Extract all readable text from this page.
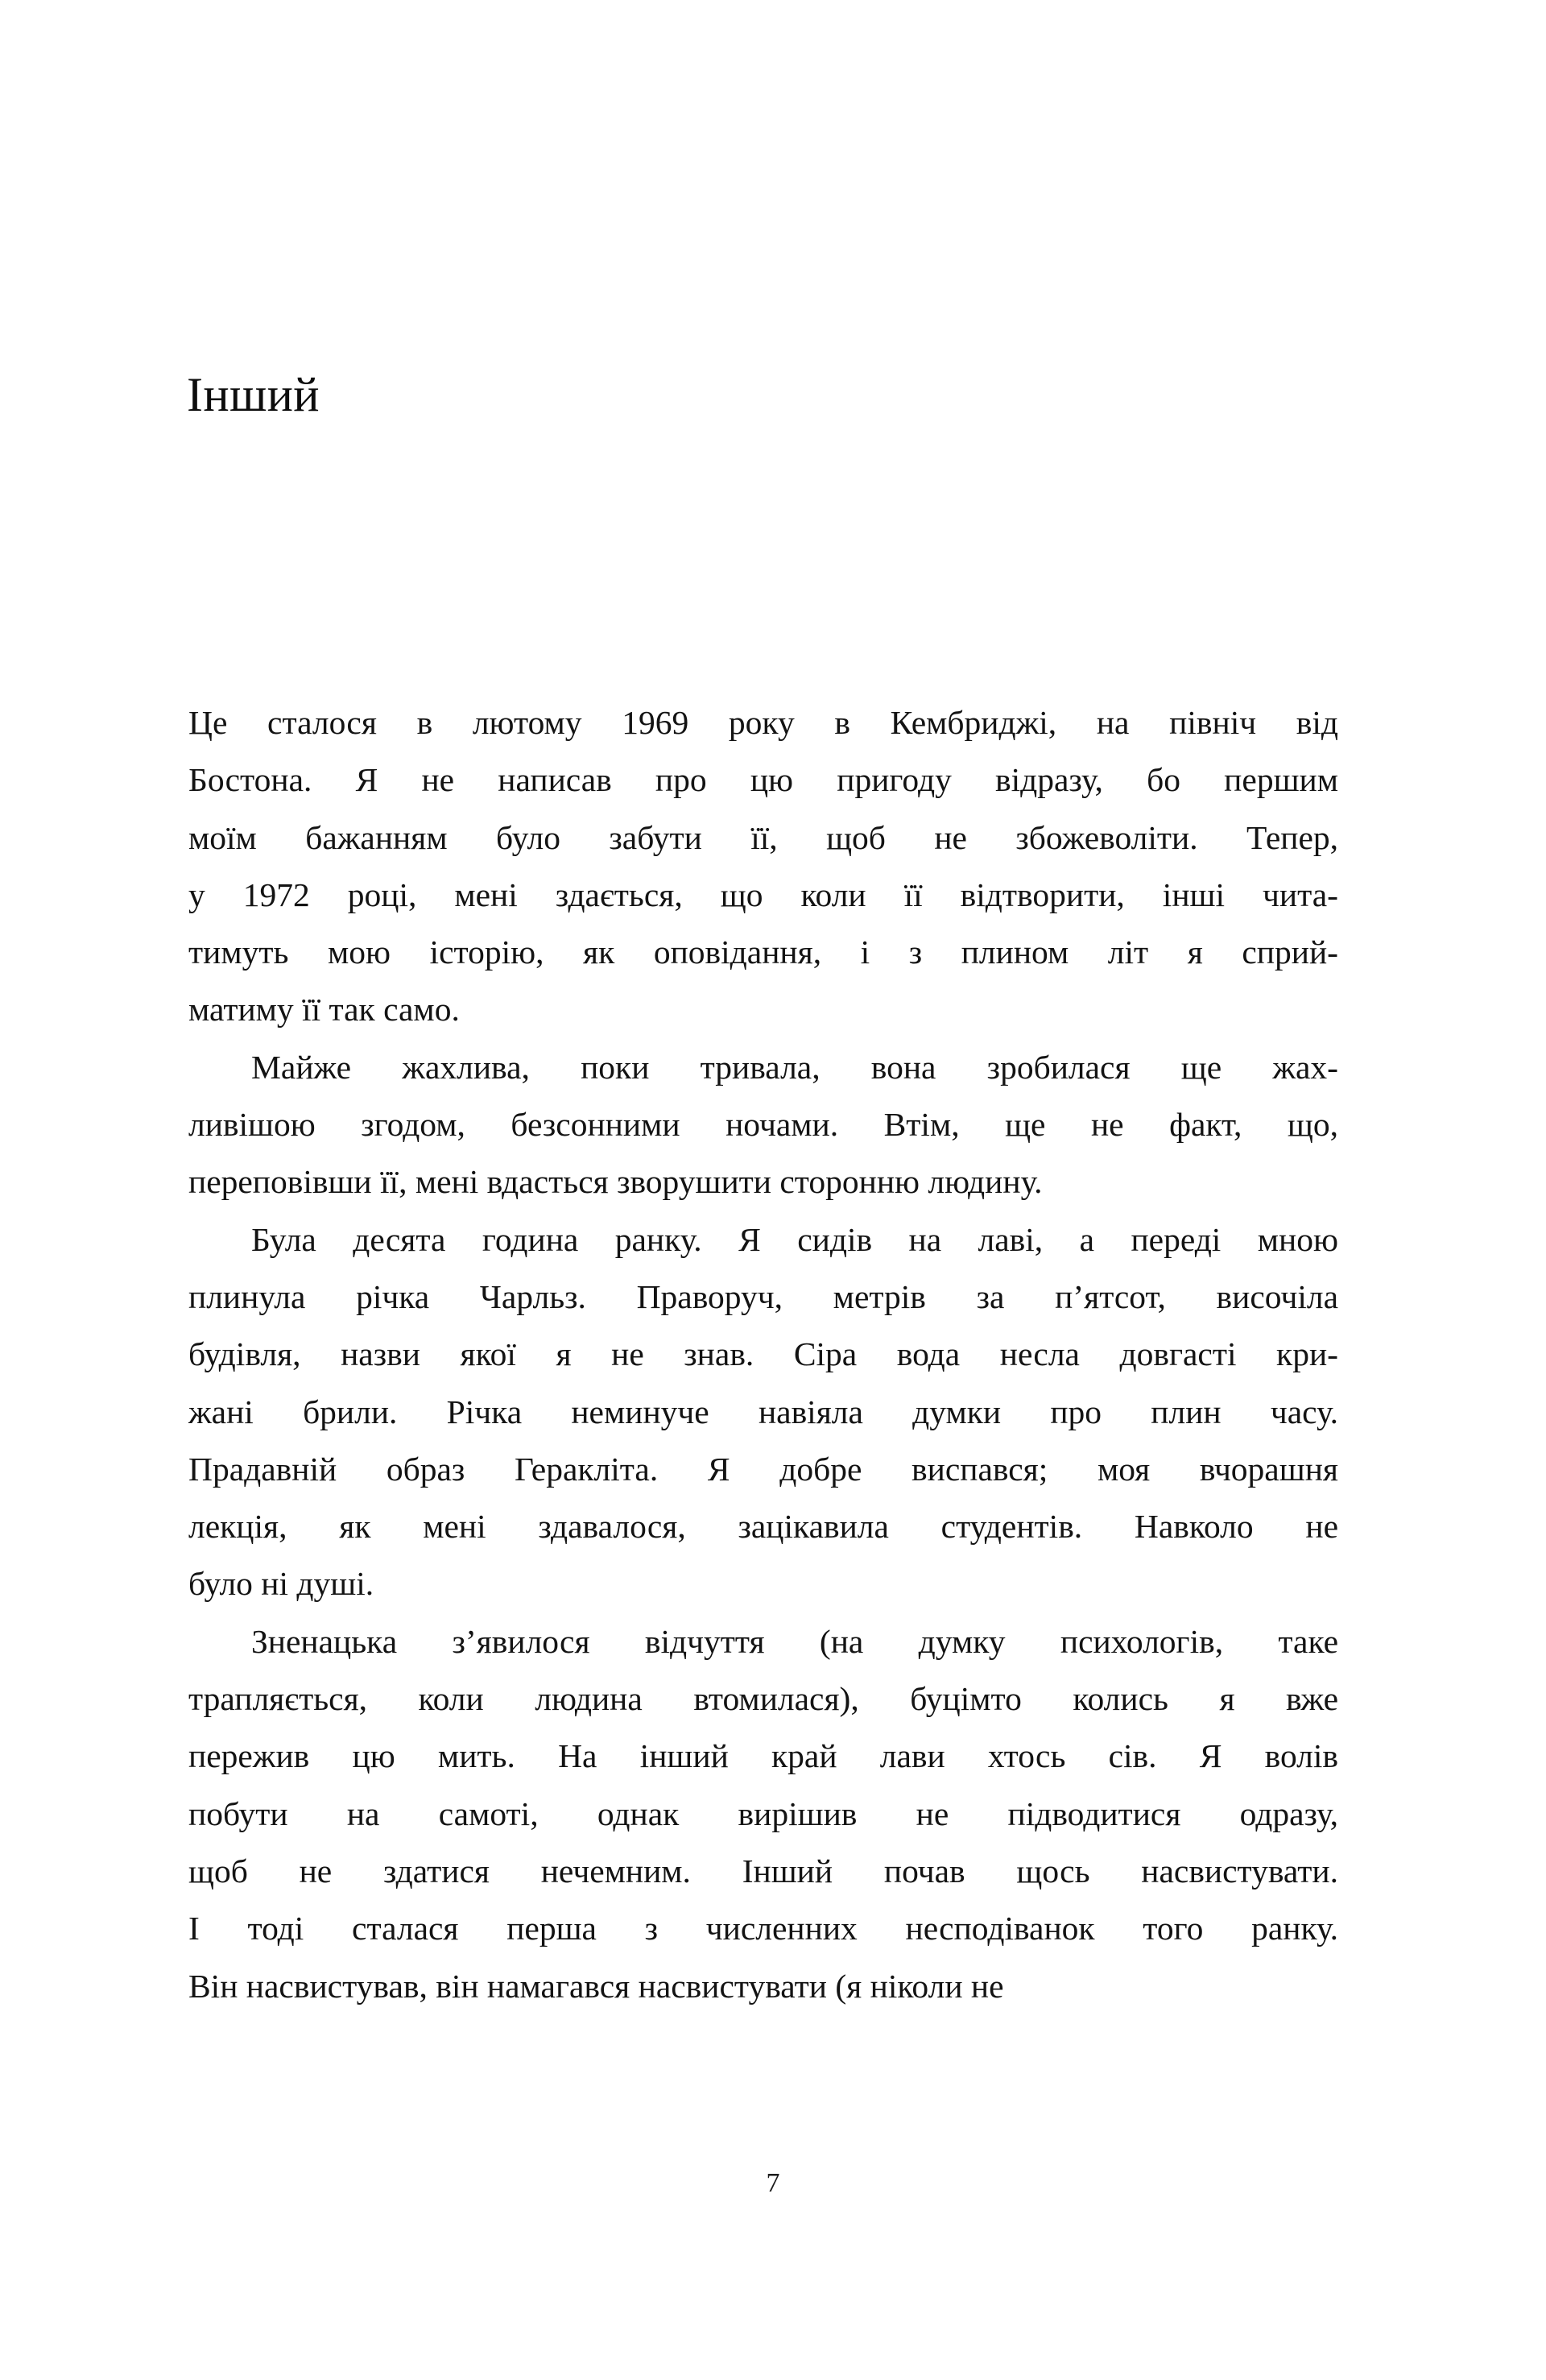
Інший

Це сталося в лютому 1969 року в Кембриджі, на північ від
Бостона. Я не написав про цю пригоду відразу, бо першим
моїм бажанням було забути її, щоб не збожеволіти. Тепер,
у 1972 році, мені здається, що коли її відтворити, інші чита-
тимуть мою історію, як оповідання, і з плином літ я сприй-
матиму її так само.

Майже жахлива, поки тривала, вона зробилася ще жах-
ливішою згодом, безсонними ночами. Втім, ще не факт, що,
переповівши її, мені вдасться зворушити сторонню людину.

Була десята година ранку. Я сидів на лаві, а переді мною
плинула річка Чарльз. Праворуч, метрів за п’ятсот, височіла
будівля, назви якої я не знав. Сіра вода несла довгасті кри-
жані брили. Річка неминуче навіяла думки про плин часу.
Прадавній образ Геракліта. Я добре виспався; моя вчорашня
лекція, як мені здавалося, зацікавила студентів. Навколо не
було ні душі.

Зненацька з’явилося відчуття (на думку психологів, таке
трапляється, коли людина втомилася), буцімто колись я вже
пережив цю мить. На інший край лави хтось сів. Я волів
побути на самоті, однак вирішив не підводитися одразу,
щоб не здатися нечемним. Інший почав щось насвистувати.
І тоді сталася перша з численних несподіванок того ранку.
Він насвистував, він намагався насвистувати (я ніколи не

7
